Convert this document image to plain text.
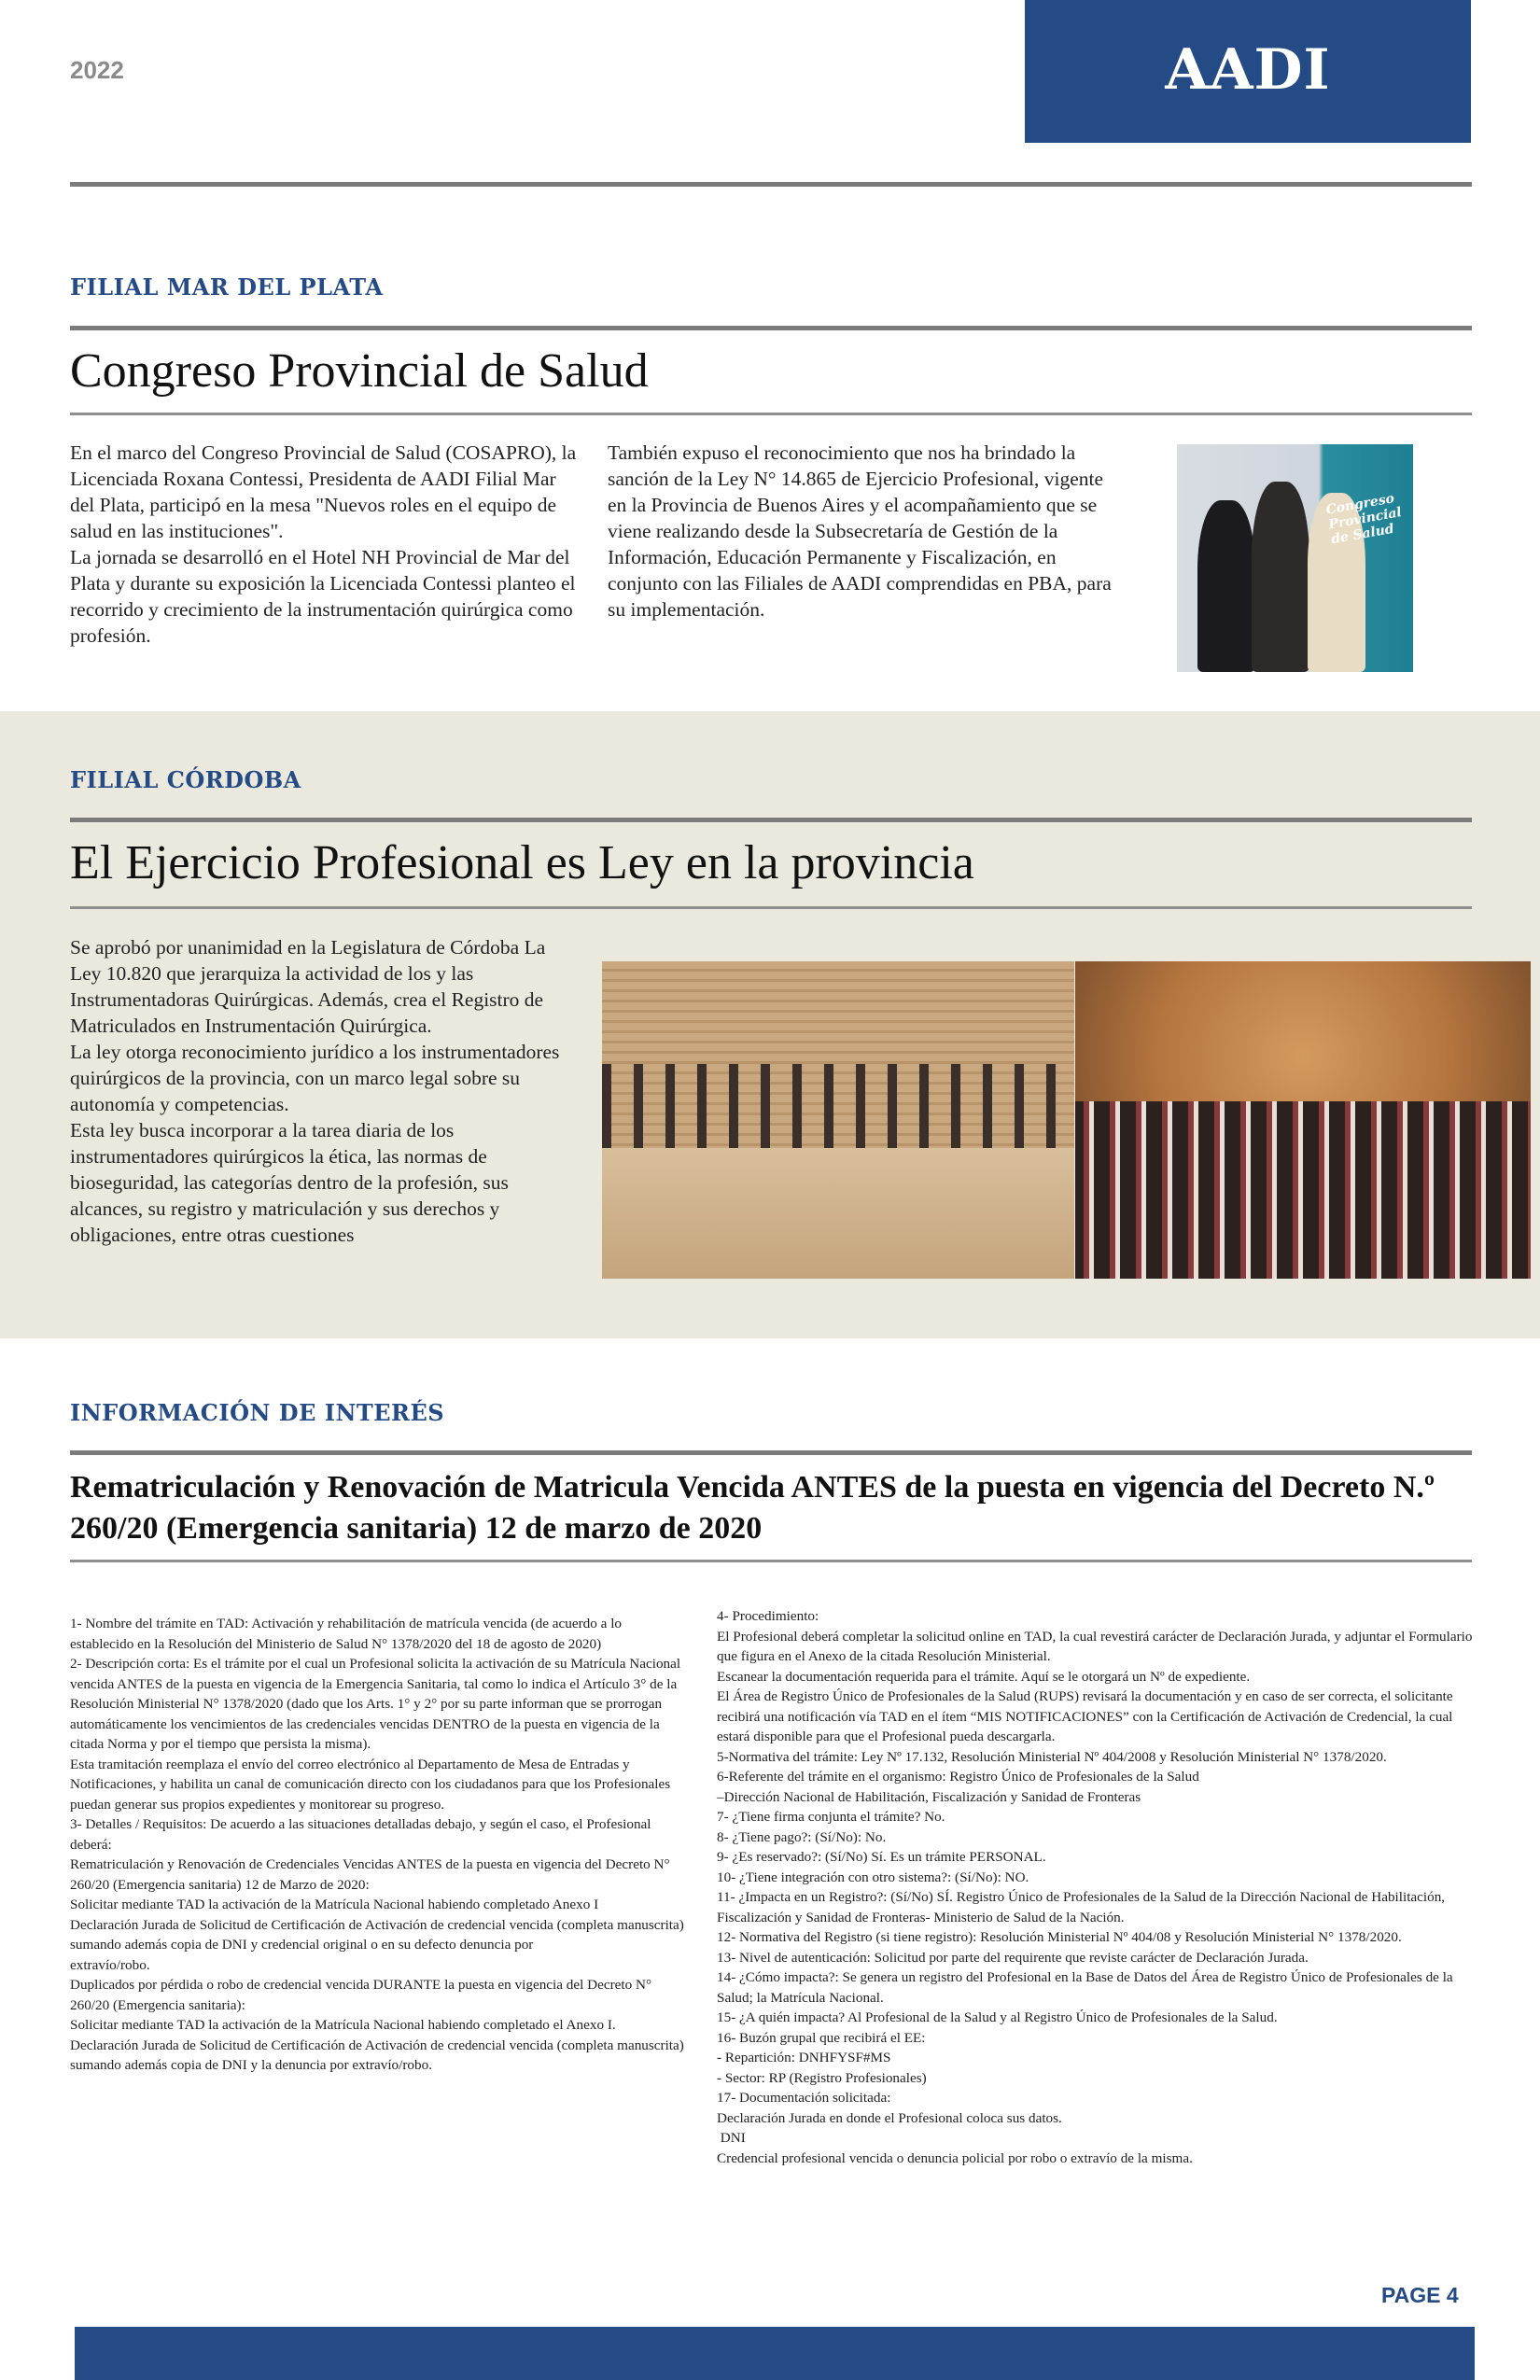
2022	AADI
FILIAL MAR DEL PLATA
Congreso Provincial de Salud

En el marco del Congreso Provincial de Salud (COSAPRO), la Licenciada Roxana Contessi, Presidenta de AADI Filial Mar del Plata, participó en la mesa "Nuevos roles en el equipo de salud en las instituciones".

La jornada se desarrolló en el Hotel NH Provincial de Mar del Plata y durante su exposición la Licenciada Contessi planteo el recorrido y crecimiento de la instrumentación quirúrgica como profesión.

También expuso el reconocimiento que nos ha brindado la sanción de la Ley N° 14.865 de Ejercicio Profesional, vigente en la Provincia de Buenos Aires y el acompañamiento que se viene realizando desde la Subsecretaría de Gestión de la Información, Educación Permanente y Fiscalización, en conjunto con las Filiales de AADI comprendidas en PBA, para su implementación.

Congreso Provincial de Salud
FILIAL CÓRDOBA
El Ejercicio Profesional es Ley en la provincia

Se aprobó por unanimidad en la Legislatura de Córdoba La Ley 10.820 que jerarquiza la actividad de los y las Instrumentadoras Quirúrgicas. Además, crea el Registro de Matriculados en Instrumentación Quirúrgica.

La ley otorga reconocimiento jurídico a los instrumentadores quirúrgicos de la provincia, con un marco legal sobre su autonomía y competencias.

Esta ley busca incorporar a la tarea diaria de los instrumentadores quirúrgicos la ética, las normas de bioseguridad, las categorías dentro de la profesión, sus alcances, su registro y matriculación y sus derechos y obligaciones, entre otras cuestiones

INFORMACIÓN DE INTERÉS
Rematriculación y Renovación de Matricula Vencida ANTES de la puesta en vigencia del Decreto N.º 260/20 (Emergencia sanitaria) 12 de marzo de 2020

1- Nombre del trámite en TAD: Activación y rehabilitación de matrícula vencida (de acuerdo a lo establecido en la Resolución del Ministerio de Salud N° 1378/2020 del 18 de agosto de 2020)

2- Descripción corta: Es el trámite por el cual un Profesional solicita la activación de su Matrícula Nacional vencida ANTES de la puesta en vigencia de la Emergencia Sanitaria, tal como lo indica el Artículo 3° de la Resolución Ministerial N° 1378/2020 (dado que los Arts. 1° y 2° por su parte informan que se prorrogan automáticamente los vencimientos de las credenciales vencidas DENTRO de la puesta en vigencia de la citada Norma y por el tiempo que persista la misma).

Esta tramitación reemplaza el envío del correo electrónico al Departamento de Mesa de Entradas y Notificaciones, y habilita un canal de comunicación directo con los ciudadanos para que los Profesionales puedan generar sus propios expedientes y monitorear su progreso.

3- Detalles / Requisitos: De acuerdo a las situaciones detalladas debajo, y según el caso, el Profesional deberá:

Rematriculación y Renovación de Credenciales Vencidas ANTES de la puesta en vigencia del Decreto N° 260/20 (Emergencia sanitaria) 12 de Marzo de 2020:

Solicitar mediante TAD la activación de la Matrícula Nacional habiendo completado Anexo I

Declaración Jurada de Solicitud de Certificación de Activación de credencial vencida (completa manuscrita) sumando además copia de DNI y credencial original o en su defecto denuncia por

extravío/robo.

Duplicados por pérdida o robo de credencial vencida DURANTE la puesta en vigencia del Decreto N° 260/20 (Emergencia sanitaria):

Solicitar mediante TAD la activación de la Matrícula Nacional habiendo completado el Anexo I.

Declaración Jurada de Solicitud de Certificación de Activación de credencial vencida (completa manuscrita) sumando además copia de DNI y la denuncia por extravío/robo.

4- Procedimiento:

El Profesional deberá completar la solicitud online en TAD, la cual revestirá carácter de Declaración Jurada, y adjuntar el Formulario que figura en el Anexo de la citada Resolución Ministerial.

Escanear la documentación requerida para el trámite. Aquí se le otorgará un Nº de expediente.

El Área de Registro Único de Profesionales de la Salud (RUPS) revisará la documentación y en caso de ser correcta, el solicitante recibirá una notificación vía TAD en el ítem “MIS NOTIFICACIONES” con la Certificación de Activación de Credencial, la cual estará disponible para que el Profesional pueda descargarla.

5-Normativa del trámite: Ley Nº 17.132, Resolución Ministerial Nº 404/2008 y Resolución Ministerial N° 1378/2020.

6-Referente del trámite en el organismo: Registro Único de Profesionales de la Salud

–Dirección Nacional de Habilitación, Fiscalización y Sanidad de Fronteras

7- ¿Tiene firma conjunta el trámite? No.

8- ¿Tiene pago?: (Sí/No): No.

9- ¿Es reservado?: (Sí/No) Sí. Es un trámite PERSONAL.

10- ¿Tiene integración con otro sistema?: (Sí/No): NO.

11- ¿Impacta en un Registro?: (Sí/No) SÍ. Registro Único de Profesionales de la Salud de la Dirección Nacional de Habilitación, Fiscalización y Sanidad de Fronteras- Ministerio de Salud de la Nación.

12- Normativa del Registro (si tiene registro): Resolución Ministerial Nº 404/08 y Resolución Ministerial N° 1378/2020.

13- Nivel de autenticación: Solicitud por parte del requirente que reviste carácter de Declaración Jurada.

14- ¿Cómo impacta?: Se genera un registro del Profesional en la Base de Datos del Área de Registro Único de Profesionales de la Salud; la Matrícula Nacional.

15- ¿A quién impacta? Al Profesional de la Salud y al Registro Único de Profesionales de la Salud.

16- Buzón grupal que recibirá el EE:

- Repartición: DNHFYSF#MS

- Sector: RP (Registro Profesionales)

17- Documentación solicitada:

Declaración Jurada en donde el Profesional coloca sus datos.

DNI

Credencial profesional vencida o denuncia policial por robo o extravío de la misma.

PAGE 4
